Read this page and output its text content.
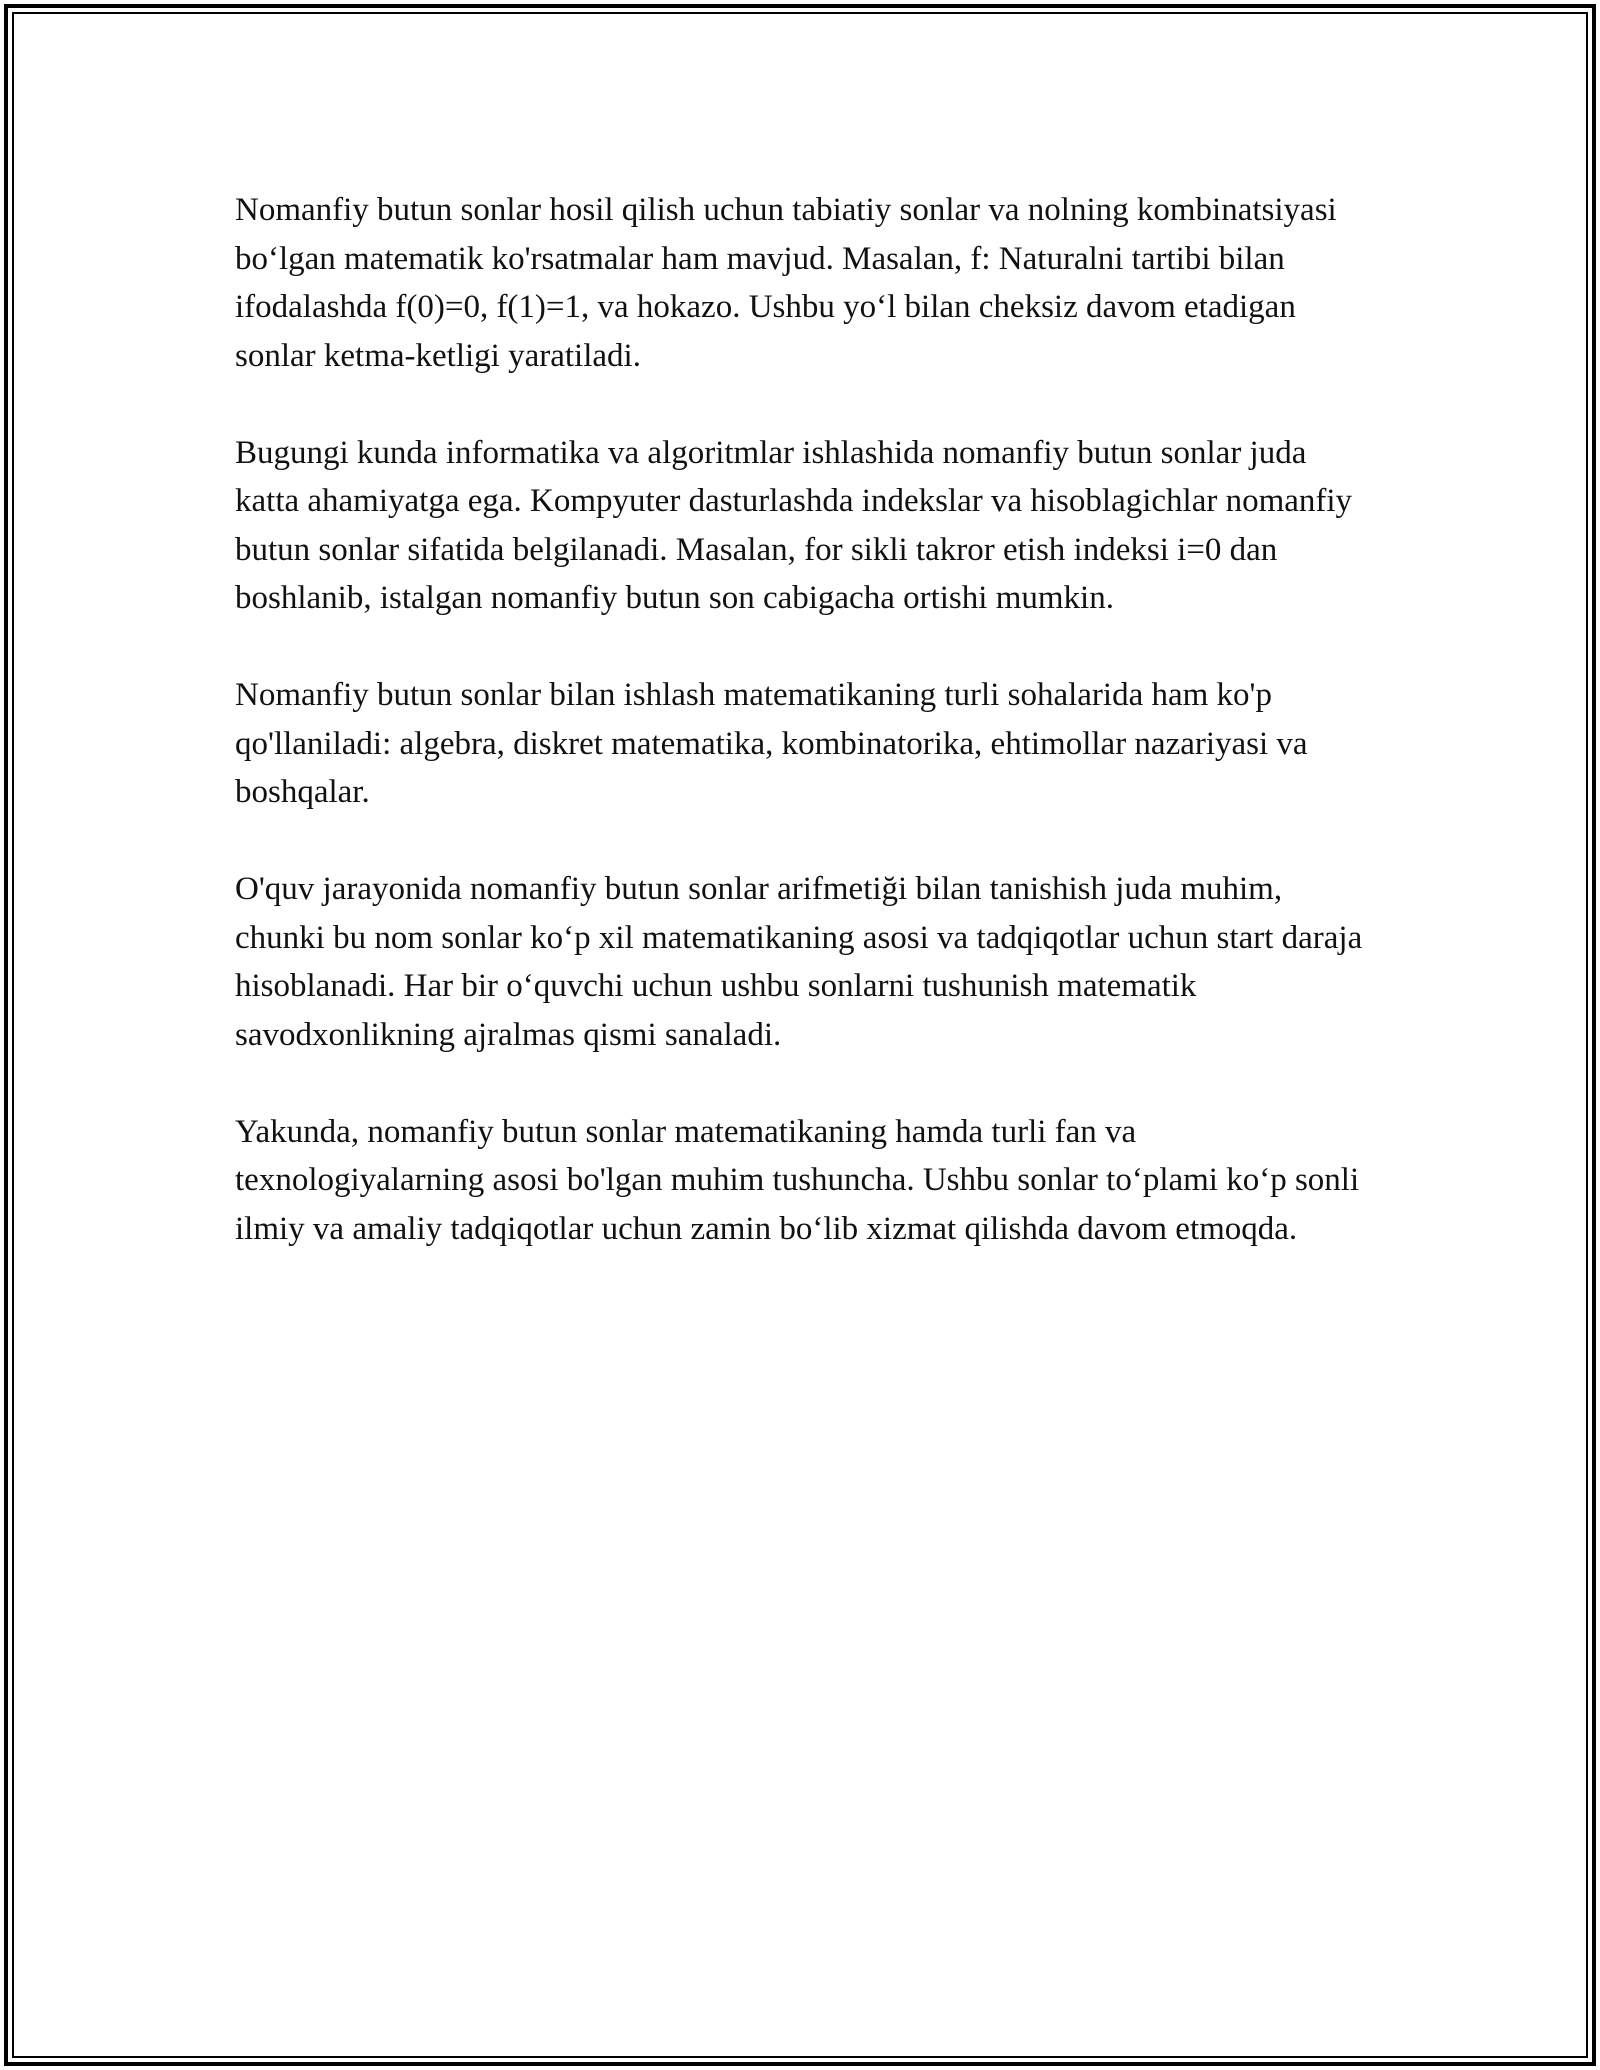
Nomanfiy butun sonlar hosil qilish uchun tabiatiy sonlar va nolning kombinatsiyasi bo‘lgan matematik ko'rsatmalar ham mavjud. Masalan, f: Naturalni tartibi bilan ifodalashda f(0)=0, f(1)=1, va hokazo. Ushbu yo‘l bilan cheksiz davom etadigan sonlar ketma-ketligi yaratiladi.

Bugungi kunda informatika va algoritmlar ishlashida nomanfiy butun sonlar juda katta ahamiyatga ega. Kompyuter dasturlashda indekslar va hisoblagichlar nomanfiy butun sonlar sifatida belgilanadi. Masalan, for sikli takror etish indeksi i=0 dan boshlanib, istalgan nomanfiy butun son cabigacha ortishi mumkin.

Nomanfiy butun sonlar bilan ishlash matematikaning turli sohalarida ham ko'p qo'llaniladi: algebra, diskret matematika, kombinatorika, ehtimollar nazariyasi va boshqalar.

O'quv jarayonida nomanfiy butun sonlar arifmetiği bilan tanishish juda muhim, chunki bu nom sonlar ko‘p xil matematikaning asosi va tadqiqotlar uchun start daraja hisoblanadi. Har bir o‘quvchi uchun ushbu sonlarni tushunish matematik savodxonlikning ajralmas qismi sanaladi.

Yakunda, nomanfiy butun sonlar matematikaning hamda turli fan va texnologiyalarning asosi bo'lgan muhim tushuncha. Ushbu sonlar to‘plami ko‘p sonli ilmiy va amaliy tadqiqotlar uchun zamin bo‘lib xizmat qilishda davom etmoqda.
